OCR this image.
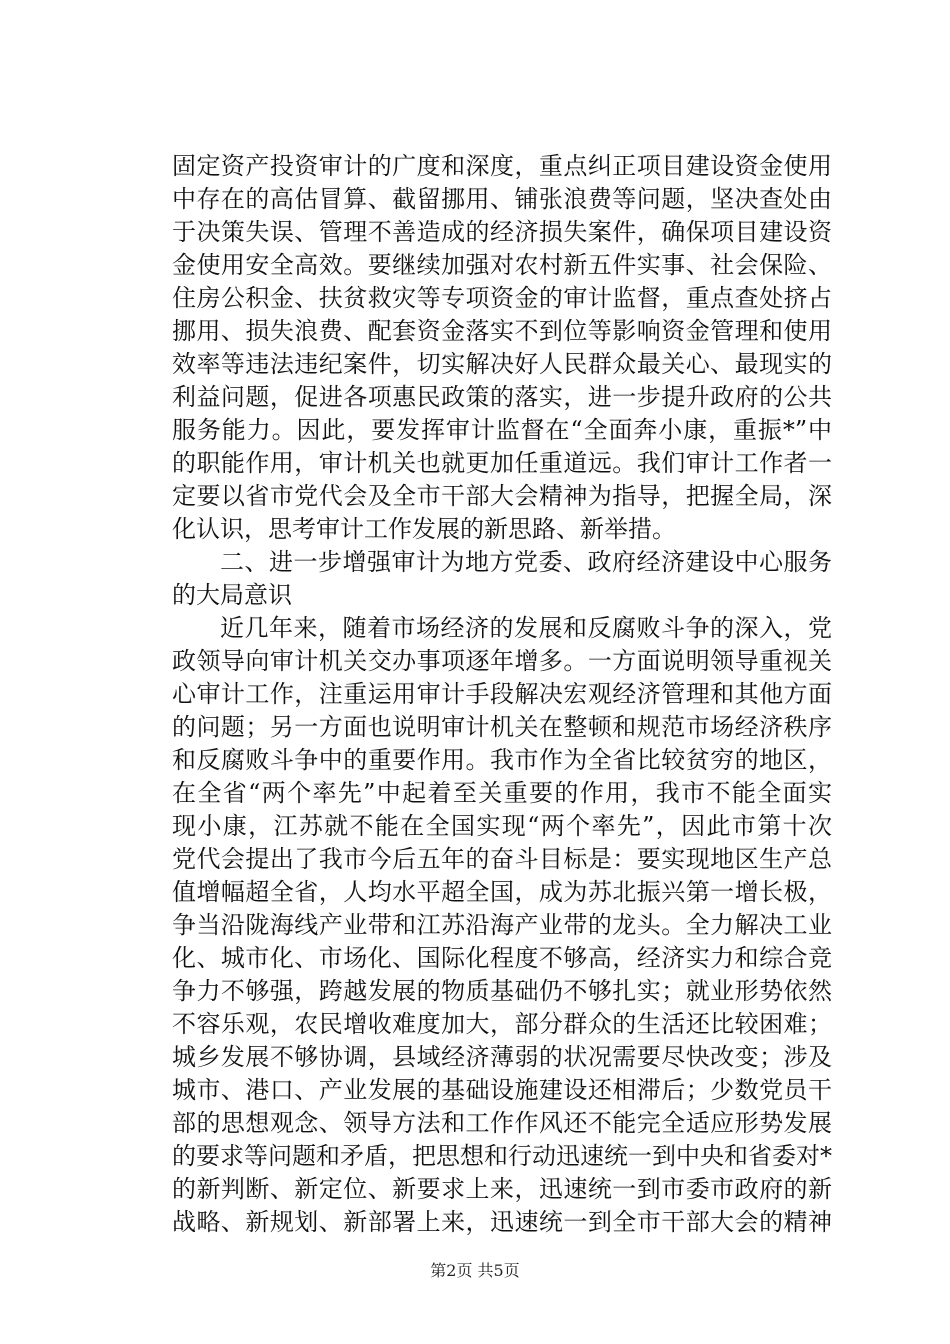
固定资产投资审计的广度和深度，重点纠正项目建设资金使用
中存在的高估冒算、截留挪用、铺张浪费等问题，坚决查处由
于决策失误、管理不善造成的经济损失案件，确保项目建设资
金使用安全高效。要继续加强对农村新五件实事、社会保险、
住房公积金、扶贫救灾等专项资金的审计监督，重点查处挤占
挪用、损失浪费、配套资金落实不到位等影响资金管理和使用
效率等违法违纪案件，切实解决好人民群众最关心、最现实的
利益问题，促进各项惠民政策的落实，进一步提升政府的公共
服务能力。因此，要发挥审计监督在“全面奔小康，重振*”中
的职能作用，审计机关也就更加任重道远。我们审计工作者一
定要以省市党代会及全市干部大会精神为指导，把握全局，深
化认识，思考审计工作发展的新思路、新举措。
二、进一步增强审计为地方党委、政府经济建设中心服务
的大局意识
近几年来，随着市场经济的发展和反腐败斗争的深入，党
政领导向审计机关交办事项逐年增多。一方面说明领导重视关
心审计工作，注重运用审计手段解决宏观经济管理和其他方面
的问题；另一方面也说明审计机关在整顿和规范市场经济秩序
和反腐败斗争中的重要作用。我市作为全省比较贫穷的地区，
在全省“两个率先”中起着至关重要的作用，我市不能全面实
现小康，江苏就不能在全国实现“两个率先”，因此市第十次
党代会提出了我市今后五年的奋斗目标是：要实现地区生产总
值增幅超全省，人均水平超全国，成为苏北振兴第一增长极，
争当沿陇海线产业带和江苏沿海产业带的龙头。全力解决工业
化、城市化、市场化、国际化程度不够高，经济实力和综合竞
争力不够强，跨越发展的物质基础仍不够扎实；就业形势依然
不容乐观，农民增收难度加大，部分群众的生活还比较困难；
城乡发展不够协调，县域经济薄弱的状况需要尽快改变；涉及
城市、港口、产业发展的基础设施建设还相滞后；少数党员干
部的思想观念、领导方法和工作作风还不能完全适应形势发展
的要求等问题和矛盾，把思想和行动迅速统一到中央和省委对*
的新判断、新定位、新要求上来，迅速统一到市委市政府的新
战略、新规划、新部署上来，迅速统一到全市干部大会的精神
第2页 共5页
